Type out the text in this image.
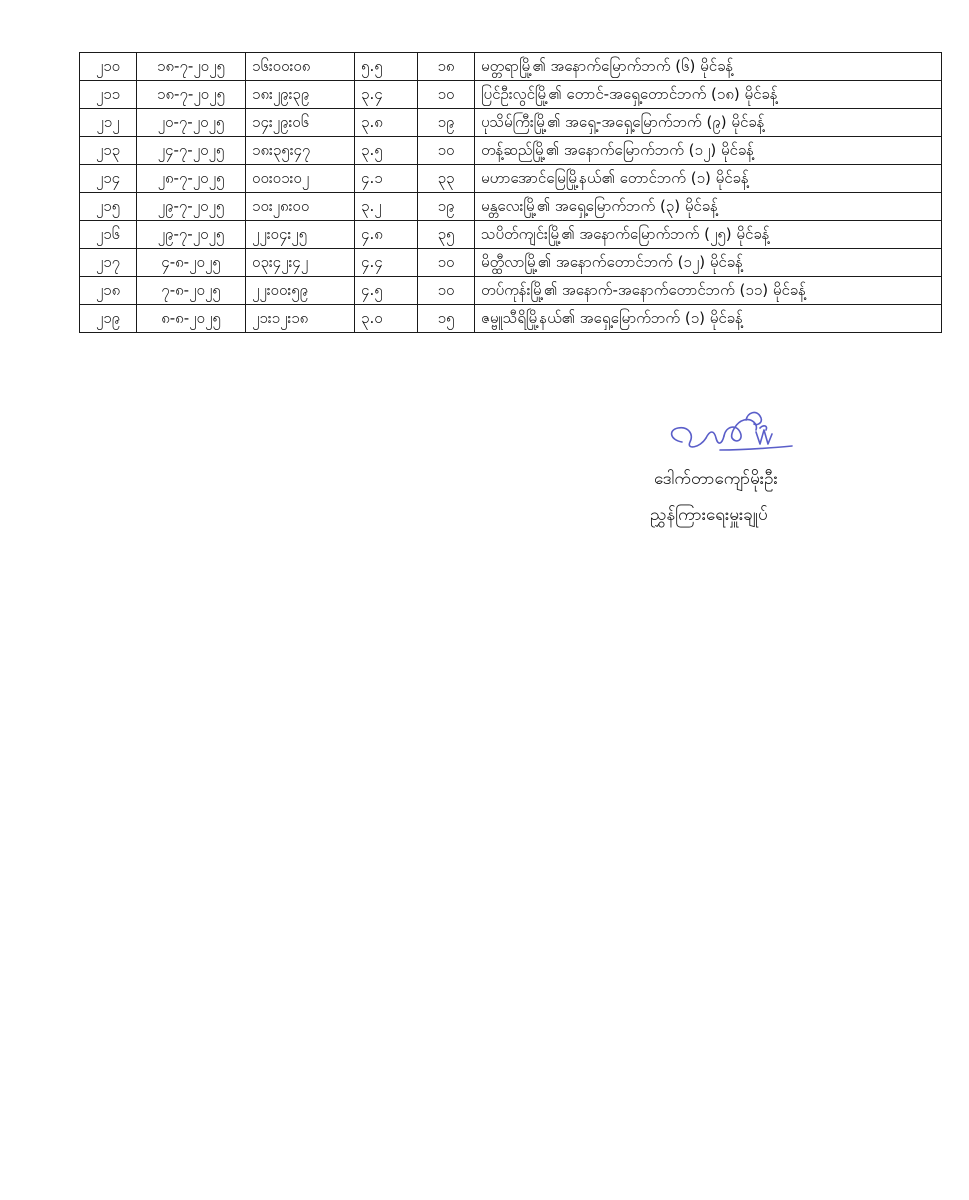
၂၁၀	၁၈-၇-၂၀၂၅	၁၆း၀၀း၀၈	၅.၅	၁၈	မတ္တရာမြို့၏ အနောက်မြောက်ဘက် (၆) မိုင်ခန့်
၂၁၁	၁၈-၇-၂၀၂၅	၁၈း၂၉း၃၉	၃.၄	၁၀	ပြင်ဦးလွင်မြို့၏ တောင်-အရှေ့တောင်ဘက် (၁၈) မိုင်ခန့်
၂၁၂	၂၀-၇-၂၀၂၅	၁၄း၂၉း၀၆	၃.၈	၁၉	ပုသိမ်ကြီးမြို့၏ အရှေ့-အရှေ့မြောက်ဘက် (၉) မိုင်ခန့်
၂၁၃	၂၄-၇-၂၀၂၅	၁၈း၃၅း၄၇	၃.၅	၁၀	တန့်ဆည်မြို့၏ အနောက်မြောက်ဘက် (၁၂) မိုင်ခန့်
၂၁၄	၂၈-၇-၂၀၂၅	၀၀း၀၁း၀၂	၄.၁	၃၃	မဟာအောင်မြေမြို့နယ်၏ တောင်ဘက် (၁) မိုင်ခန့်
၂၁၅	၂၉-၇-၂၀၂၅	၁၀း၂၈း၀၀	၃.၂	၁၉	မန္တလေးမြို့၏ အရှေ့မြောက်ဘက် (၃) မိုင်ခန့်
၂၁၆	၂၉-၇-၂၀၂၅	၂၂း၀၄း၂၅	၄.၈	၃၅	သပိတ်ကျင်းမြို့၏ အနောက်မြောက်ဘက် (၂၅) မိုင်ခန့်
၂၁၇	၄-၈-၂၀၂၅	၀၃း၄၂း၄၂	၄.၄	၁၀	မိတ္ထီလာမြို့၏ အနောက်တောင်ဘက် (၁၂) မိုင်ခန့်
၂၁၈	၇-၈-၂၀၂၅	၂၂း၀၀း၅၉	၄.၅	၁၀	တပ်ကုန်းမြို့၏ အနောက်-အနောက်တောင်ဘက် (၁၁) မိုင်ခန့်
၂၁၉	၈-၈-၂၀၂၅	၂၁း၁၂း၁၈	၃.၀	၁၅	ဇမ္ဗူသီရိမြို့နယ်၏ အရှေ့မြောက်ဘက် (၁) မိုင်ခန့်
ဒေါက်တာကျော်မိုးဦး
ညွှန်ကြားရေးမှူးချုပ်
